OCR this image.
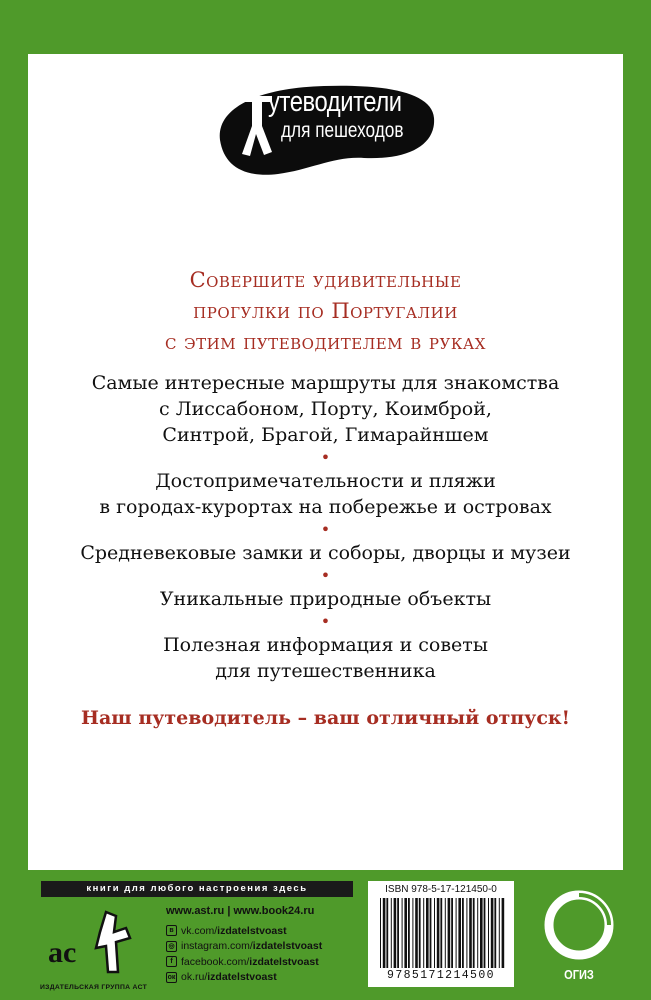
утеводители
для пешеходов
Совершите удивительные
прогулки по Португалии
с этим путеводителем в руках
Самые интересные маршруты для знакомства
с Лиссабоном, Порту, Коимброй,
Синтрой, Брагой, Гимарайншем
•
Достопримечательности и пляжи
в городах-курортах на побережье и островах
•
Средневековые замки и соборы, дворцы и музеи
•
Уникальные природные объекты
•
Полезная информация и советы
для путешественника
Наш путеводитель – ваш отличный отпуск!
книги для любого настроения здесь
ac
ИЗДАТЕЛЬСКАЯ ГРУППА АСТ
www.ast.ru | www.book24.ru
в vk.com/ izdatelstvoast
◎ instagram.com/ izdatelstvoast
f facebook.com/ izdatelstvoast
ок ok.ru/ izdatelstvoast
ISBN 978-5-17-121450-0
9785171214500	ОГИЗ
